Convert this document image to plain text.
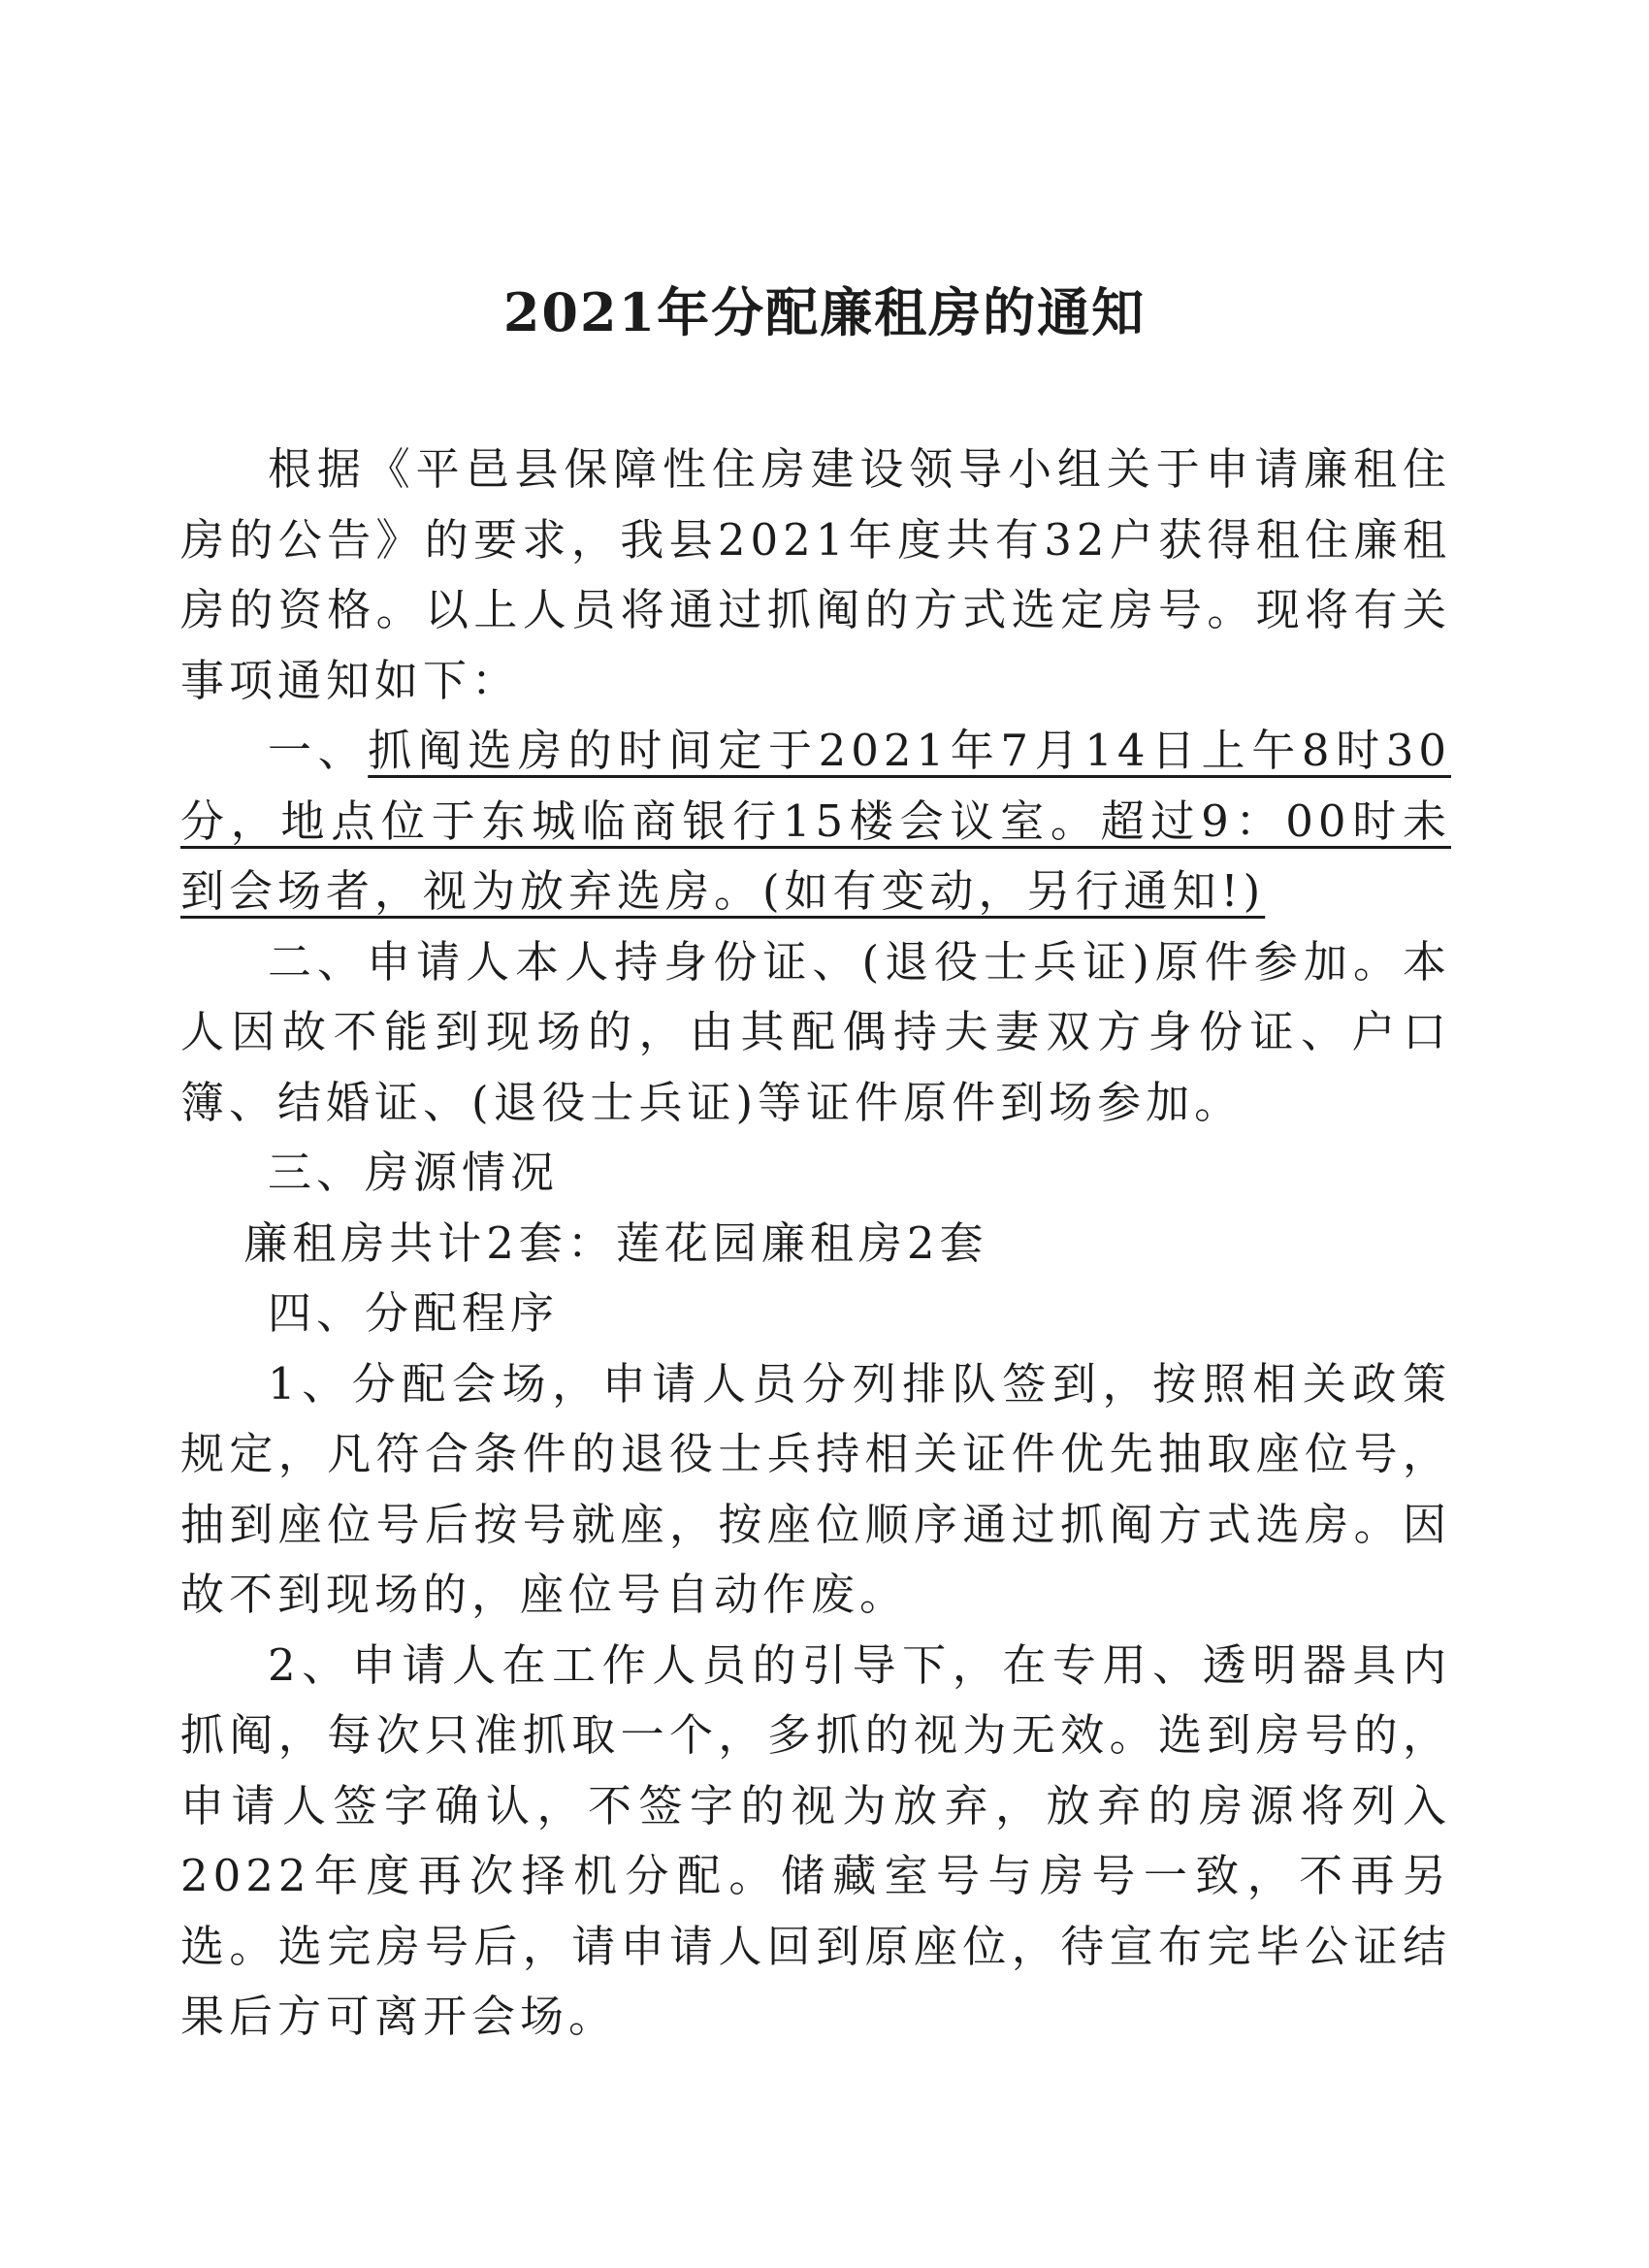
2021年分配廉租房的通知

根据《平邑县保障性住房建设领导小组关于申请廉租住房的公告》的要求，我县2021年度共有32户获得租住廉租房的资格。以上人员将通过抓阄的方式选定房号。现将有关事项通知如下：

一、抓阄选房的时间定于2021年7月14日上午8时30分，地点位于东城临商银行15楼会议室。超过9：00时未到会场者，视为放弃选房。(如有变动，另行通知!)

二、申请人本人持身份证、(退役士兵证)原件参加。本人因故不能到现场的，由其配偶持夫妻双方身份证、户口簿、结婚证、(退役士兵证)等证件原件到场参加。

三、房源情况

廉租房共计2套：莲花园廉租房2套

四、分配程序

1、分配会场，申请人员分列排队签到，按照相关政策规定，凡符合条件的退役士兵持相关证件优先抽取座位号，抽到座位号后按号就座，按座位顺序通过抓阄方式选房。因故不到现场的，座位号自动作废。

2、申请人在工作人员的引导下，在专用、透明器具内抓阄，每次只准抓取一个，多抓的视为无效。选到房号的，申请人签字确认，不签字的视为放弃，放弃的房源将列入2022年度再次择机分配。储藏室号与房号一致，不再另选。选完房号后，请申请人回到原座位，待宣布完毕公证结果后方可离开会场。
